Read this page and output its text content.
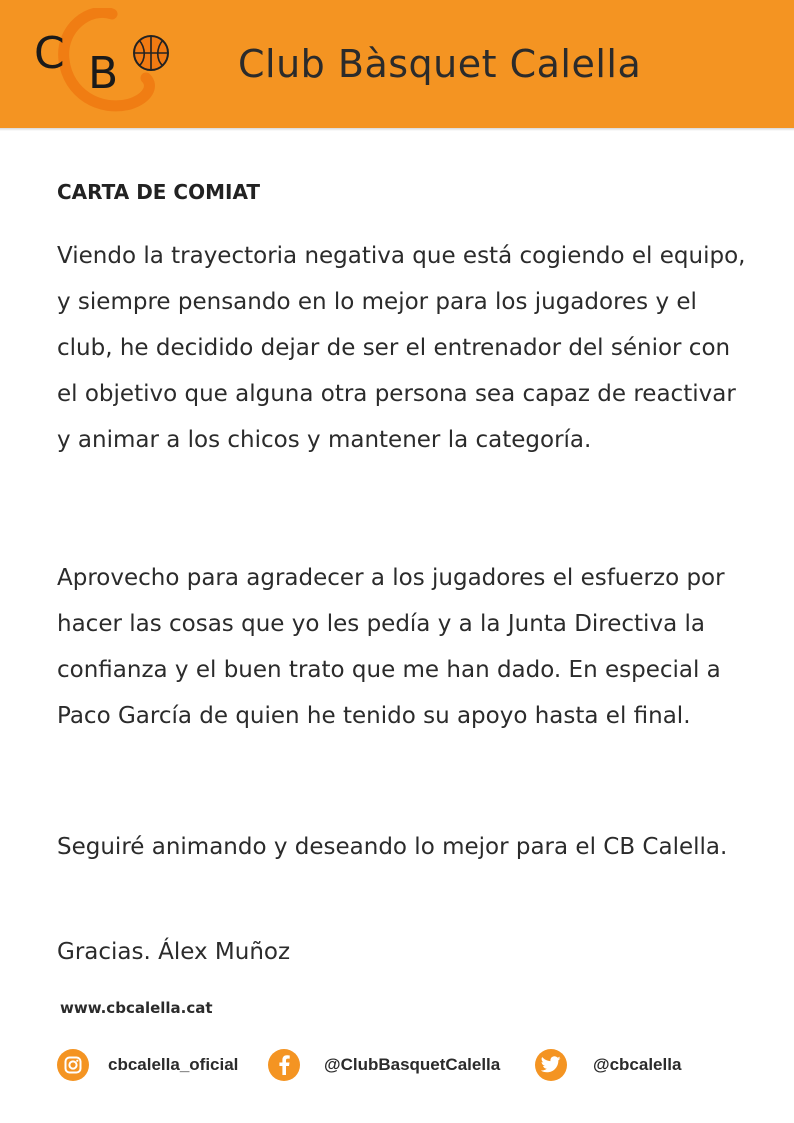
C B	Club Bàsquet Calella
CARTA DE COMIAT

Viendo la trayectoria negativa que está cogiendo el equipo, y siempre pensando en lo mejor para los jugadores y el club, he decidido dejar de ser el entrenador del sénior con el objetivo que alguna otra persona sea capaz de reactivar y animar a los chicos y mantener la categoría.

Aprovecho para agradecer a los jugadores el esfuerzo por hacer las cosas que yo les pedía y a la Junta Directiva la confianza y el buen trato que me han dado. En especial a Paco García de quien he tenido su apoyo hasta el final.

Seguiré animando y deseando lo mejor para el CB Calella.

Gracias. Álex Muñoz
www.cbcalella.cat
cbcalella_oficial	@ClubBasquetCalella	@cbcalella
